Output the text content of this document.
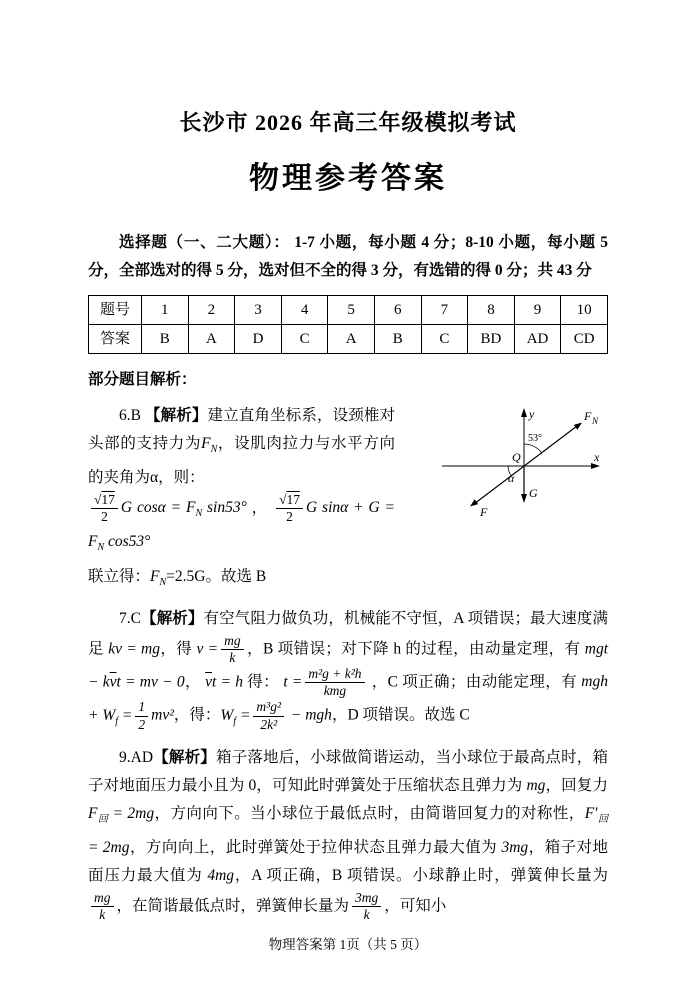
长沙市 2026 年高三年级模拟考试
物理参考答案
选择题（一、二大题）： 1-7 小题，每小题 4 分；8-10 小题，每小题 5 分，全部选对的得 5 分，选对但不全的得 3 分，有选错的得 0 分；共 43 分
题号	1	2	3	4	5	6	7	8	9	10
答案	B	A	D	C	A	B	C	BD	AD	CD
部分题目解析：
y
x
F N
F
G
Q
53°
α
6.B 【解析】建立直角坐标系，设颈椎对头部的支持力为$F_N$，设肌肉拉力与水平方向的夹角为α，则：

$\frac{√17}{2}$ G $\cos\alpha = F_N$ sin53° ， $\frac{√17}{2}$ G $\sin\alpha + G = F_N$ cos53°
联立得：$F_N=2.5G$。故选 B
7.C【解析】有空气阻力做负功，机械能不守恒，A 项错误；最大速度满足 kv = mg，得 $v = \frac{mg}{k}$ ，B 项错误；对下降 h 的过程，由动量定理，有 mgt − $k\overline{v}t$ = mv − 0， $\overline{v}t = h$ 得： $t = \frac{\text{m²g + k²h}}{\text{kmg}}$ ，C 项正确；由动能定理，有 mgh + $W_f = \frac{1}{2} mv^2$，得：$W_f = \frac{\text{m³g²}}{\text{2k²}}$ − mgh，D 项错误。故选 C
9.AD【解析】箱子落地后，小球做简谐运动，当小球位于最高点时，箱子对地面压力最小且为 0，可知此时弹簧处于压缩状态且弹力为 mg，回复力 $F_回 = 2mg$，方向向下。当小球位于最低点时，由简谐回复力的对称性，$F'_回 = 2mg$，方向向上，此时弹簧处于拉伸状态且弹力最大值为 3mg，箱子对地面压力最大值为 4mg，A 项正确，B 项错误。小球静止时，弹簧伸长量为
$\frac{mg}{k}$ ，在简谐最低点时，弹簧伸长量为 $\frac{3mg}{k}$ ，可知小
物理答案第 1页（共 5 页）
